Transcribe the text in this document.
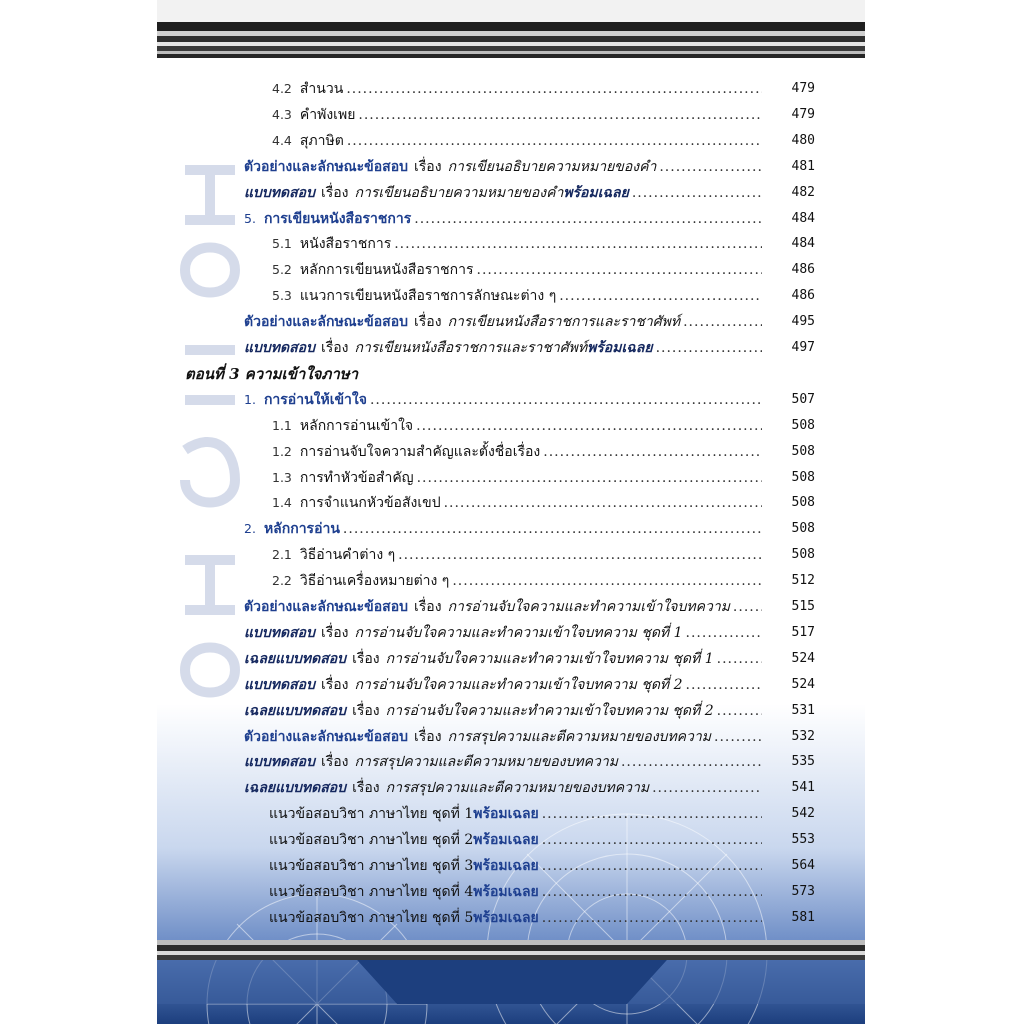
4.2 สำนวน .....	479
4.3 คำพังเพย .....	479
4.4 สุภาษิต .....	480
ตัวอย่างและลักษณะข้อสอบ เรื่อง การเขียนอธิบายความหมายของคำ .....	481
แบบทดสอบ เรื่อง การเขียนอธิบายความหมายของคำ พร้อมเฉลย .....	482
5. การเขียนหนังสือราชการ .....	484
5.1 หนังสือราชการ .....	484
5.2 หลักการเขียนหนังสือราชการ .....	486
5.3 แนวการเขียนหนังสือราชการลักษณะต่าง ๆ .....	486
ตัวอย่างและลักษณะข้อสอบ เรื่อง การเขียนหนังสือราชการและราชาศัพท์ .....	495
แบบทดสอบ เรื่อง การเขียนหนังสือราชการและราชาศัพท์ พร้อมเฉลย .....	497
ตอนที่ 3 ความเข้าใจภาษา
1. การอ่านให้เข้าใจ .....	507
1.1 หลักการอ่านเข้าใจ .....	508
1.2 การอ่านจับใจความสำคัญและตั้งชื่อเรื่อง .....	508
1.3 การทำหัวข้อสำคัญ .....	508
1.4 การจำแนกหัวข้อสังเขป .....	508
2. หลักการอ่าน .....	508
2.1 วิธีอ่านคำต่าง ๆ .....	508
2.2 วิธีอ่านเครื่องหมายต่าง ๆ .....	512
ตัวอย่างและลักษณะข้อสอบ เรื่อง การอ่านจับใจความและทำความเข้าใจบทความ .....	515
แบบทดสอบ เรื่อง การอ่านจับใจความและทำความเข้าใจบทความ ชุดที่ 1 .....	517
เฉลยแบบทดสอบ เรื่อง การอ่านจับใจความและทำความเข้าใจบทความ ชุดที่ 1 .....	524
แบบทดสอบ เรื่อง การอ่านจับใจความและทำความเข้าใจบทความ ชุดที่ 2 .....	524
เฉลยแบบทดสอบ เรื่อง การอ่านจับใจความและทำความเข้าใจบทความ ชุดที่ 2 .....	531
ตัวอย่างและลักษณะข้อสอบ เรื่อง การสรุปความและตีความหมายของบทความ .....	532
แบบทดสอบ เรื่อง การสรุปความและตีความหมายของบทความ .....	535
เฉลยแบบทดสอบ เรื่อง การสรุปความและตีความหมายของบทความ .....	541
แนวข้อสอบวิชา ภาษาไทย ชุดที่ 1 พร้อมเฉลย .....	542
แนวข้อสอบวิชา ภาษาไทย ชุดที่ 2 พร้อมเฉลย .....	553
แนวข้อสอบวิชา ภาษาไทย ชุดที่ 3 พร้อมเฉลย .....	564
แนวข้อสอบวิชา ภาษาไทย ชุดที่ 4 พร้อมเฉลย .....	573
แนวข้อสอบวิชา ภาษาไทย ชุดที่ 5 พร้อมเฉลย .....	581
